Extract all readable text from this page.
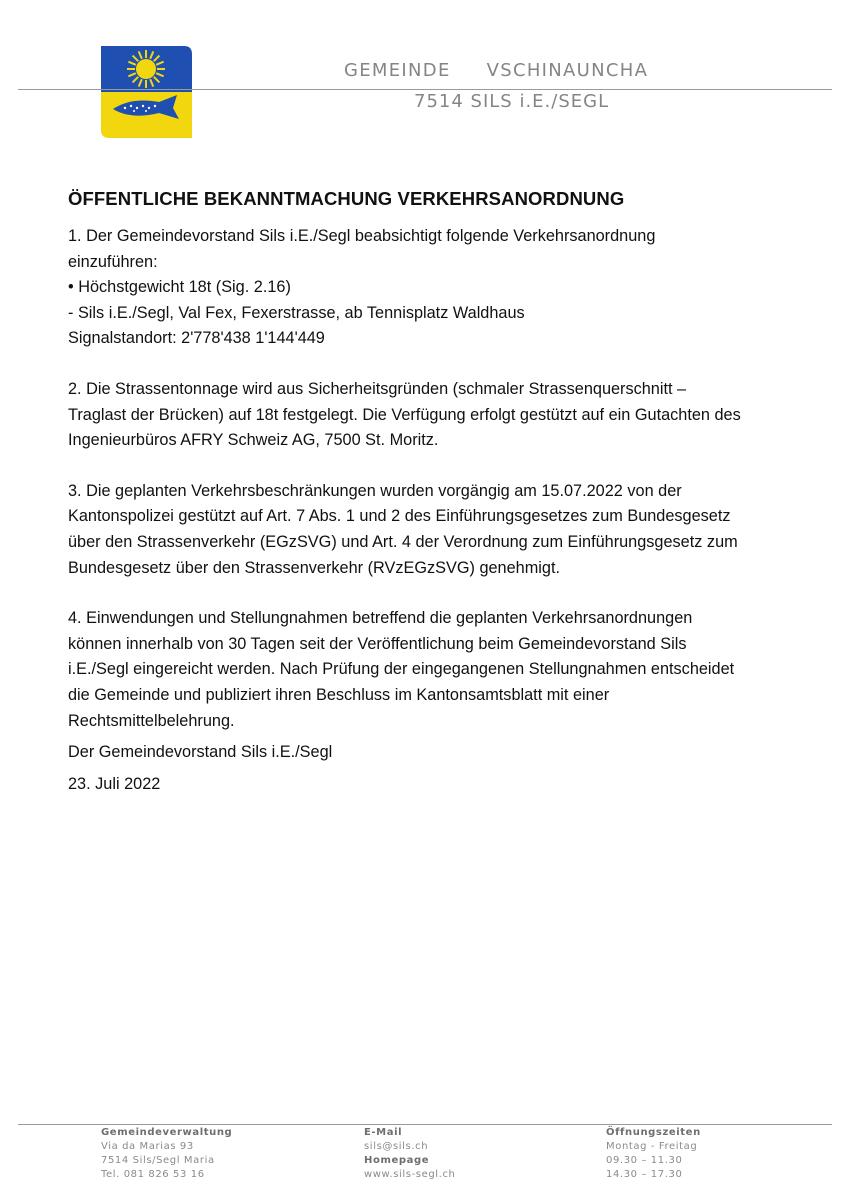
GEMEINDE VSCHINAUNCHA
7514 SILS i.E./SEGL
ÖFFENTLICHE BEKANNTMACHUNG VERKEHRSANORDNUNG

1. Der Gemeindevorstand Sils i.E./Segl beabsichtigt folgende Verkehrsanordnung

einzuführen:

• Höchstgewicht 18t (Sig. 2.16)

- Sils i.E./Segl, Val Fex, Fexerstrasse, ab Tennisplatz Waldhaus

Signalstandort: 2'778'438 1'144'449

2. Die Strassentonnage wird aus Sicherheitsgründen (schmaler Strassenquerschnitt –

Traglast der Brücken) auf 18t festgelegt. Die Verfügung erfolgt gestützt auf ein Gutachten des

Ingenieurbüros AFRY Schweiz AG, 7500 St. Moritz.

3. Die geplanten Verkehrsbeschränkungen wurden vorgängig am 15.07.2022 von der

Kantonspolizei gestützt auf Art. 7 Abs. 1 und 2 des Einführungsgesetzes zum Bundesgesetz

über den Strassenverkehr (EGzSVG) und Art. 4 der Verordnung zum Einführungsgesetz zum

Bundesgesetz über den Strassenverkehr (RVzEGzSVG) genehmigt.

4. Einwendungen und Stellungnahmen betreffend die geplanten Verkehrsanordnungen

können innerhalb von 30 Tagen seit der Veröffentlichung beim Gemeindevorstand Sils

i.E./Segl eingereicht werden. Nach Prüfung der eingegangenen Stellungnahmen entscheidet

die Gemeinde und publiziert ihren Beschluss im Kantonsamtsblatt mit einer

Rechtsmittelbelehrung.

Der Gemeindevorstand Sils i.E./Segl

23. Juli 2022

Gemeindeverwaltung
Via da Marias 93
7514 Sils/Segl Maria
Tel. 081 826 53 16
E-Mail
sils@sils.ch
Homepage
www.sils-segl.ch
Öffnungszeiten
Montag - Freitag
09.30 – 11.30
14.30 – 17.30
